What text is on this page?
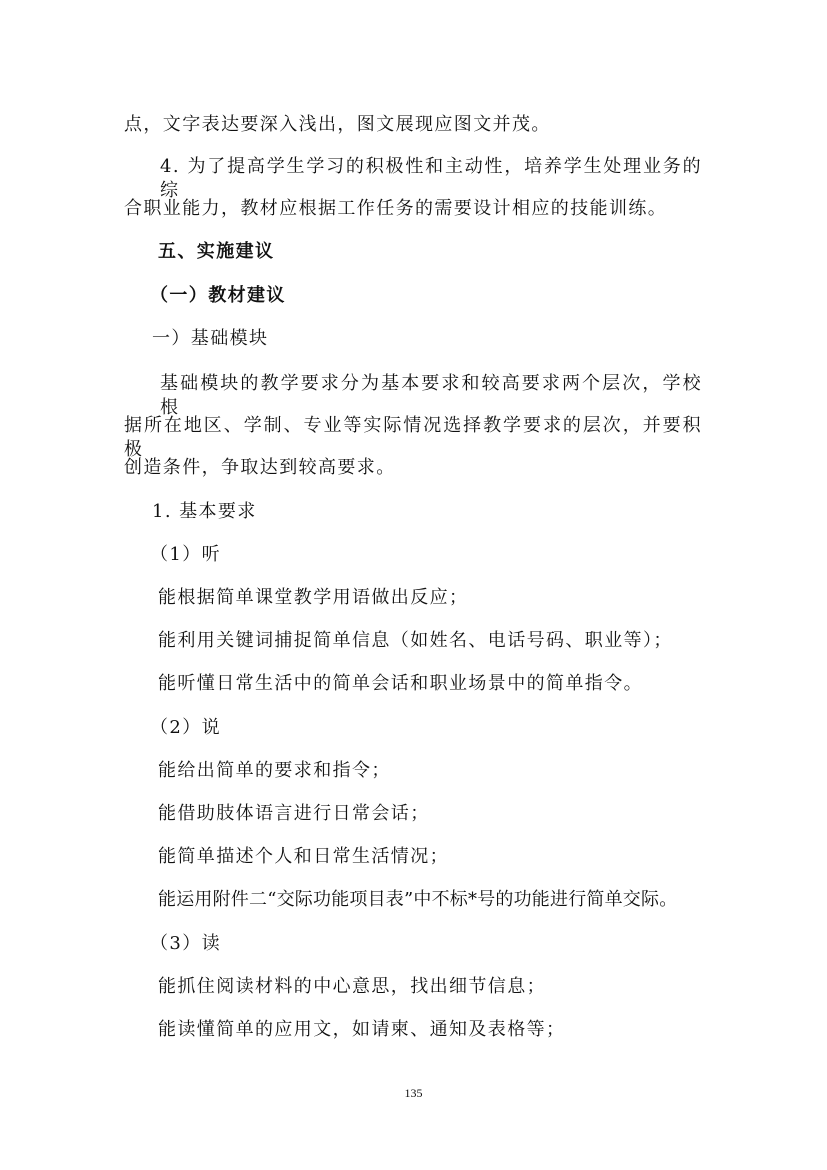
点，文字表达要深入浅出，图文展现应图文并茂。
4. 为了提高学生学习的积极性和主动性，培养学生处理业务的综
合职业能力，教材应根据工作任务的需要设计相应的技能训练。
五、实施建议
（一）教材建议
一）基础模块
基础模块的教学要求分为基本要求和较高要求两个层次，学校根
据所在地区、学制、专业等实际情况选择教学要求的层次，并要积极
创造条件，争取达到较高要求。
1. 基本要求
（1）听
能根据简单课堂教学用语做出反应；
能利用关键词捕捉简单信息（如姓名、电话号码、职业等）；
能听懂日常生活中的简单会话和职业场景中的简单指令。
（2）说
能给出简单的要求和指令；
能借助肢体语言进行日常会话；
能简单描述个人和日常生活情况；
能运用附件二“交际功能项目表”中不标*号的功能进行简单交际。
（3）读
能抓住阅读材料的中心意思，找出细节信息；
能读懂简单的应用文，如请柬、通知及表格等；
135
